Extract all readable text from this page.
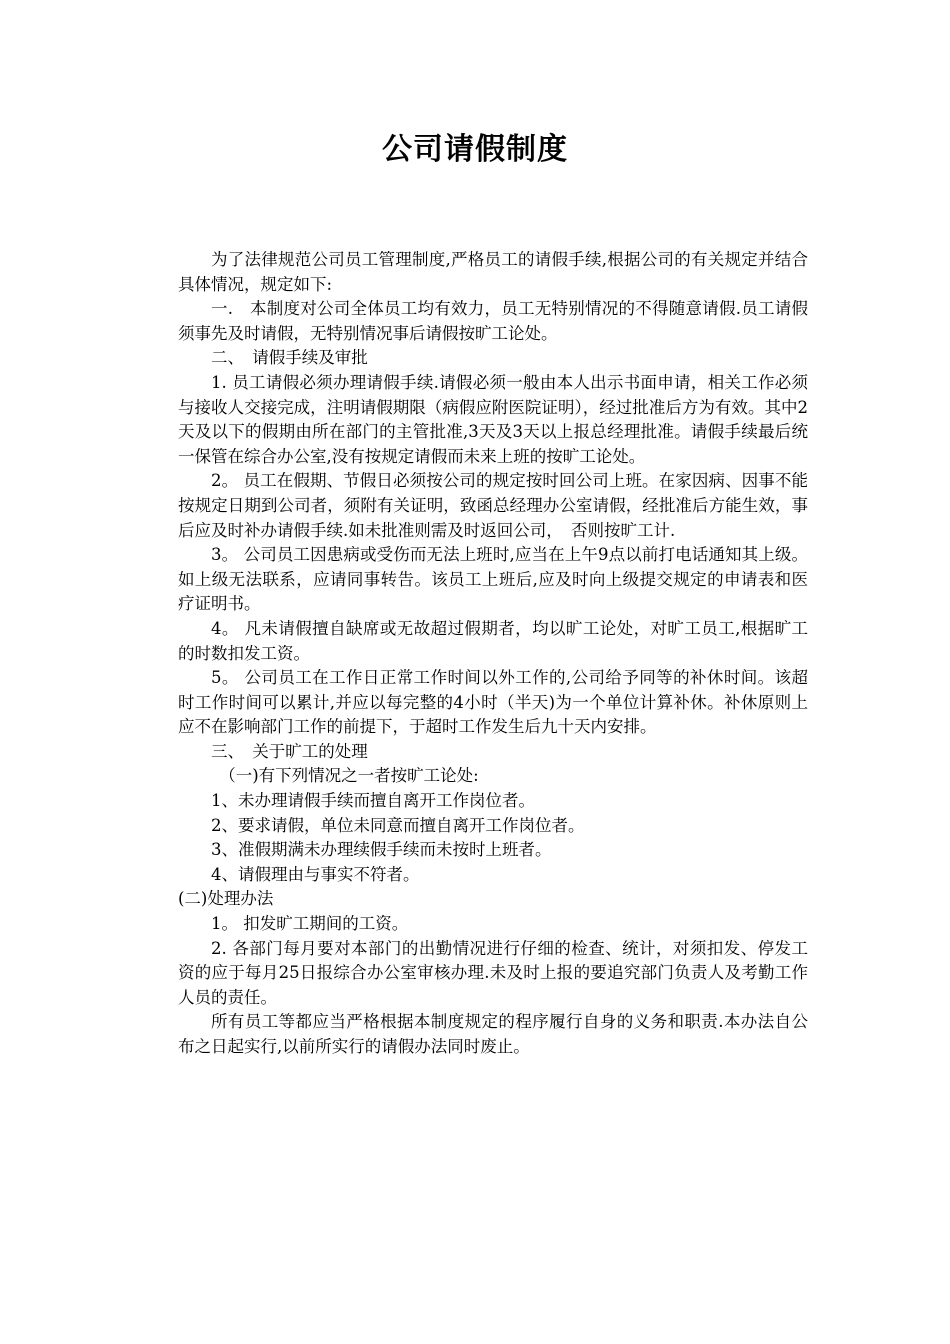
公司请假制度

为了法律规范公司员工管理制度,严格员工的请假手续,根据公司的有关规定并结合具体情况，规定如下:

一.　本制度对公司全体员工均有效力，员工无特别情况的不得随意请假.员工请假须事先及时请假，无特别情况事后请假按旷工论处。

二、　请假手续及审批

1. 员工请假必须办理请假手续.请假必须一般由本人出示书面申请，相关工作必须与接收人交接完成，注明请假期限（病假应附医院证明），经过批准后方为有效。其中2天及以下的假期由所在部门的主管批准,3天及3天以上报总经理批准。请假手续最后统一保管在综合办公室,没有按规定请假而未来上班的按旷工论处。

2。 员工在假期、节假日必须按公司的规定按时回公司上班。在家因病、因事不能按规定日期到公司者，须附有关证明，致函总经理办公室请假，经批准后方能生效，事后应及时补办请假手续.如未批准则需及时返回公司，　否则按旷工计.

3。 公司员工因患病或受伤而无法上班时,应当在上午9点以前打电话通知其上级。如上级无法联系，应请同事转告。该员工上班后,应及时向上级提交规定的申请表和医疗证明书。

4。 凡未请假擅自缺席或无故超过假期者，均以旷工论处，对旷工员工,根据旷工的时数扣发工资。

5。 公司员工在工作日正常工作时间以外工作的,公司给予同等的补休时间。该超时工作时间可以累计,并应以每完整的4小时（半天)为一个单位计算补休。补休原则上应不在影响部门工作的前提下，于超时工作发生后九十天内安排。

三、　关于旷工的处理

（一)有下列情况之一者按旷工论处:

1、未办理请假手续而擅自离开工作岗位者。

2、要求请假，单位未同意而擅自离开工作岗位者。

3、准假期满未办理续假手续而未按时上班者。

4、请假理由与事实不符者。

(二)处理办法

1。 扣发旷工期间的工资。

2. 各部门每月要对本部门的出勤情况进行仔细的检查、统计，对须扣发、停发工资的应于每月25日报综合办公室审核办理.未及时上报的要追究部门负责人及考勤工作人员的责任。

所有员工等都应当严格根据本制度规定的程序履行自身的义务和职责.本办法自公布之日起实行,以前所实行的请假办法同时废止。
